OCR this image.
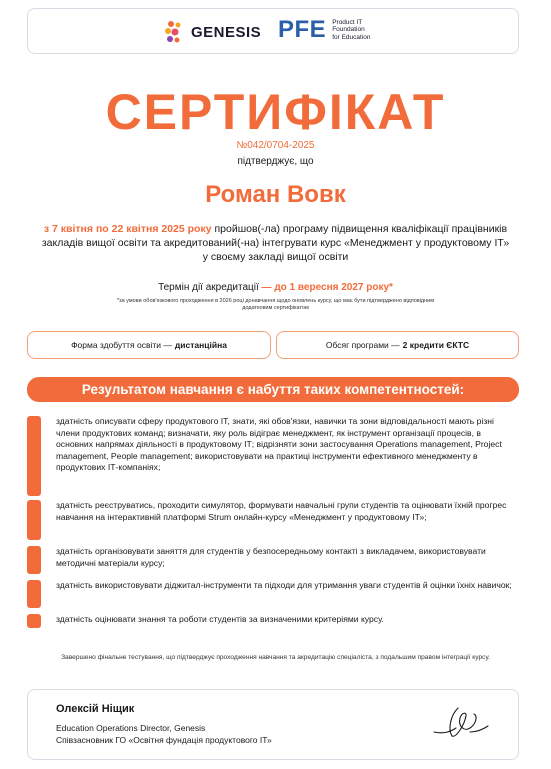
GENESIS PFE Product IT
Foundation
for Education
СЕРТИФІКАТ
№042/0704-2025
підтверджує, що
Роман Вовк
з 7 квітня по 22 квітня 2025 року пройшов(-ла) програму підвищення кваліфікації працівників закладів вищої освіти та акредитований(-на) інтегрувати курс «Менеджмент у продуктовому ІТ» у своєму закладі вищої освіти
Термін дії акредитації — до 1 вересня 2027 року*
*за умови обов'язкового проходження в 2026 році донавчання щодо оновлень курсу, що має бути підтверджено відповідним додатковим сертифікатом
Форма здобуття освіти — дистанційна	Обсяг програми — 2 кредити ЄКТС
Результатом навчання є набуття таких компетентностей:
здатність описувати сферу продуктового ІТ, знати, які обов'язки, навички та зони відповідальності мають різні члени продуктових команд; визначати, яку роль відіграє менеджмент, як інструмент організації процесів, в основних напрямах діяльності в продуктовому ІТ; відрізняти зони застосування Operations management, Project management, People management; використовувати на практиці інструменти ефективного менеджменту в продуктових ІТ-компаніях;
здатність реєструватись, проходити симулятор, формувати навчальні групи студентів та оцінювати їхній прогрес навчання на інтерактивній платформі Strum онлайн-курсу «Менеджмент у продуктовому ІТ»;
здатність організовувати заняття для студентів у безпосередньому контакті з викладачем, використовувати методичні матеріали курсу;
здатність використовувати діджитал-інструменти та підходи для утримання уваги студентів й оцінки їхніх навичок;
здатність оцінювати знання та роботи студентів за визначеними критеріями курсу.
Завершено фінальне тестування, що підтверджує проходження навчання та акредитацію спеціаліста, з подальшим правом інтеграції курсу.
Олексій Ніщик
Education Operations Director, Genesis
Співзасновник ГО «Освітня фундація продуктового ІТ»
